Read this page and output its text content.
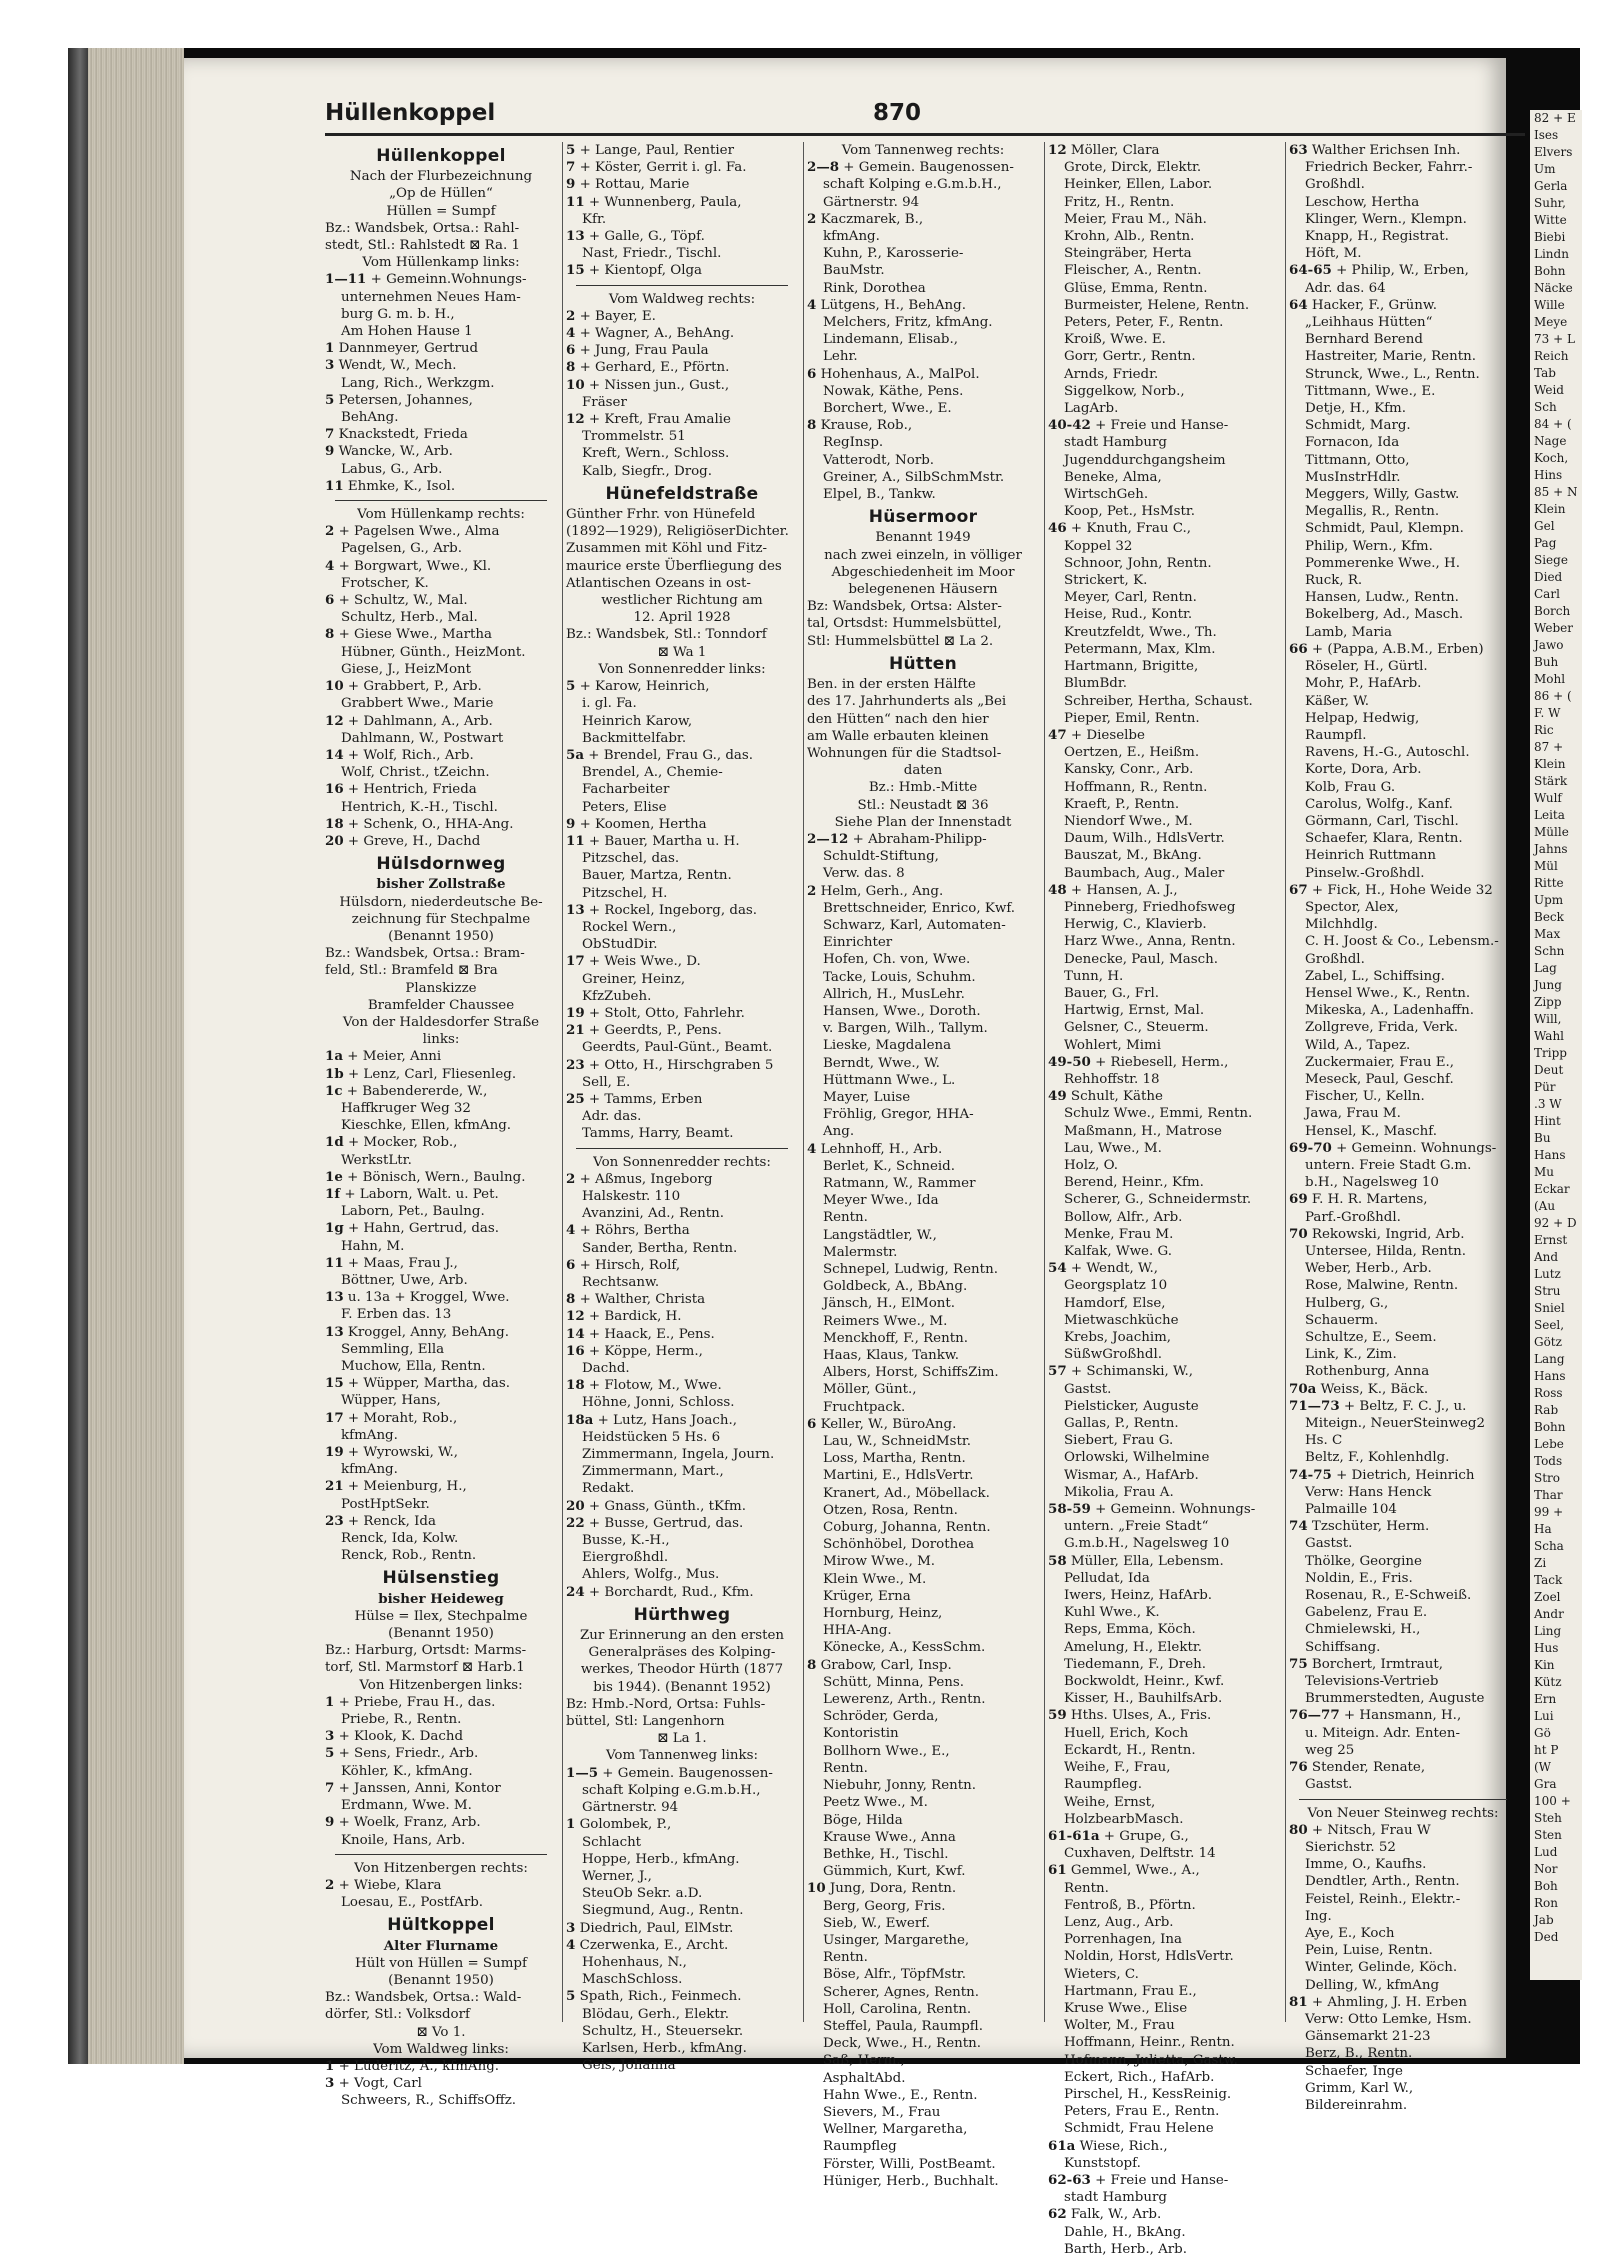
Hüllenkoppel	870
Hüllenkoppel
Nach der Flurbezeichnung
„Op de Hüllen“
Hüllen = Sumpf
Bz.: Wandsbek, Ortsa.: Rahl-
stedt, Stl.: Rahlstedt ⊠ Ra. 1
Vom Hüllenkamp links:
1—11 + Gemeinn.Wohnungs-
unternehmen Neues Ham-
burg G. m. b. H.,
Am Hohen Hause 1
1 Dannmeyer, Gertrud
3 Wendt, W., Mech.
Lang, Rich., Werkzgm.
5 Petersen, Johannes,
BehAng.
7 Knackstedt, Frieda
9 Wancke, W., Arb.
Labus, G., Arb.
11 Ehmke, K., Isol.
Vom Hüllenkamp rechts:
2 + Pagelsen Wwe., Alma
Pagelsen, G., Arb.
4 + Borgwart, Wwe., Kl.
Frotscher, K.
6 + Schultz, W., Mal.
Schultz, Herb., Mal.
8 + Giese Wwe., Martha
Hübner, Günth., HeizMont.
Giese, J., HeizMont
10 + Grabbert, P., Arb.
Grabbert Wwe., Marie
12 + Dahlmann, A., Arb.
Dahlmann, W., Postwart
14 + Wolf, Rich., Arb.
Wolf, Christ., tZeichn.
16 + Hentrich, Frieda
Hentrich, K.-H., Tischl.
18 + Schenk, O., HHA-Ang.
20 + Greve, H., Dachd
Hülsdornweg
bisher Zollstraße
Hülsdorn, niederdeutsche Be-
zeichnung für Stechpalme
(Benannt 1950)
Bz.: Wandsbek, Ortsa.: Bram-
feld, Stl.: Bramfeld ⊠ Bra
Planskizze
Bramfelder Chaussee
Von der Haldesdorfer Straße
links:
1a + Meier, Anni
1b + Lenz, Carl, Fliesenleg.
1c + Babendererde, W.,
Haffkruger Weg 32
Kieschke, Ellen, kfmAng.
1d + Mocker, Rob.,
WerkstLtr.
1e + Bönisch, Wern., Baulng.
1f + Laborn, Walt. u. Pet.
Laborn, Pet., Baulng.
1g + Hahn, Gertrud, das.
Hahn, M.
11 + Maas, Frau J.,
Böttner, Uwe, Arb.
13 u. 13a + Kroggel, Wwe.
F. Erben das. 13
13 Kroggel, Anny, BehAng.
Semmling, Ella
Muchow, Ella, Rentn.
15 + Wüpper, Martha, das.
Wüpper, Hans,
17 + Moraht, Rob.,
kfmAng.
19 + Wyrowski, W.,
kfmAng.
21 + Meienburg, H.,
PostHptSekr.
23 + Renck, Ida
Renck, Ida, Kolw.
Renck, Rob., Rentn.
Hülsenstieg
bisher Heideweg
Hülse = Ilex, Stechpalme
(Benannt 1950)
Bz.: Harburg, Ortsdt: Marms-
torf, Stl. Marmstorf ⊠ Harb.1
Von Hitzenbergen links:
1 + Priebe, Frau H., das.
Priebe, R., Rentn.
3 + Klook, K. Dachd
5 + Sens, Friedr., Arb.
Köhler, K., kfmAng.
7 + Janssen, Anni, Kontor
Erdmann, Wwe. M.
9 + Woelk, Franz, Arb.
Knoile, Hans, Arb.
Von Hitzenbergen rechts:
2 + Wiebe, Klara
Loesau, E., PostfArb.
Hültkoppel
Alter Flurname
Hült von Hüllen = Sumpf
(Benannt 1950)
Bz.: Wandsbek, Ortsa.: Wald-
dörfer, Stl.: Volksdorf
⊠ Vo 1.
Vom Waldweg links:
1 + Lüderitz, A., kfmAng.
3 + Vogt, Carl
Schweers, R., SchiffsOffz.
5 + Lange, Paul, Rentier
7 + Köster, Gerrit i. gl. Fa.
9 + Rottau, Marie
11 + Wunnenberg, Paula,
Kfr.
13 + Galle, G., Töpf.
Nast, Friedr., Tischl.
15 + Kientopf, Olga
Vom Waldweg rechts:
2 + Bayer, E.
4 + Wagner, A., BehAng.
6 + Jung, Frau Paula
8 + Gerhard, E., Pförtn.
10 + Nissen jun., Gust.,
Fräser
12 + Kreft, Frau Amalie
Trommelstr. 51
Kreft, Wern., Schloss.
Kalb, Siegfr., Drog.
Hünefeldstraße
Günther Frhr. von Hünefeld
(1892—1929), ReligiöserDichter.
Zusammen mit Köhl und Fitz-
maurice erste Überfliegung des
Atlantischen Ozeans in ost-
westlicher Richtung am
12. April 1928
Bz.: Wandsbek, Stl.: Tonndorf
⊠ Wa 1
Von Sonnenredder links:
5 + Karow, Heinrich,
i. gl. Fa.
Heinrich Karow,
Backmittelfabr.
5a + Brendel, Frau G., das.
Brendel, A., Chemie-
Facharbeiter
Peters, Elise
9 + Koomen, Hertha
11 + Bauer, Martha u. H.
Pitzschel, das.
Bauer, Martza, Rentn.
Pitzschel, H.
13 + Rockel, Ingeborg, das.
Rockel Wern.,
ObStudDir.
17 + Weis Wwe., D.
Greiner, Heinz,
KfzZubeh.
19 + Stolt, Otto, Fahrlehr.
21 + Geerdts, P., Pens.
Geerdts, Paul-Günt., Beamt.
23 + Otto, H., Hirschgraben 5
Sell, E.
25 + Tamms, Erben
Adr. das.
Tamms, Harry, Beamt.
Von Sonnenredder rechts:
2 + Aßmus, Ingeborg
Halskestr. 110
Avanzini, Ad., Rentn.
4 + Röhrs, Bertha
Sander, Bertha, Rentn.
6 + Hirsch, Rolf,
Rechtsanw.
8 + Walther, Christa
12 + Bardick, H.
14 + Haack, E., Pens.
16 + Köppe, Herm.,
Dachd.
18 + Flotow, M., Wwe.
Höhne, Jonni, Schloss.
18a + Lutz, Hans Joach.,
Heidstücken 5 Hs. 6
Zimmermann, Ingela, Journ.
Zimmermann, Mart.,
Redakt.
20 + Gnass, Günth., tKfm.
22 + Busse, Gertrud, das.
Busse, K.-H.,
Eiergroßhdl.
Ahlers, Wolfg., Mus.
24 + Borchardt, Rud., Kfm.
Hürthweg
Zur Erinnerung an den ersten
Generalpräses des Kolping-
werkes, Theodor Hürth (1877
bis 1944). (Benannt 1952)
Bz: Hmb.-Nord, Ortsa: Fuhls-
büttel, Stl: Langenhorn
⊠ La 1.
Vom Tannenweg links:
1—5 + Gemein. Baugenossen-
schaft Kolping e.G.m.b.H.,
Gärtnerstr. 94
1 Golombek, P.,
Schlacht
Hoppe, Herb., kfmAng.
Werner, J.,
SteuOb Sekr. a.D.
Siegmund, Aug., Rentn.
3 Diedrich, Paul, ElMstr.
4 Czerwenka, E., Archt.
Hohenhaus, N.,
MaschSchloss.
5 Spath, Rich., Feinmech.
Blödau, Gerh., Elektr.
Schultz, H., Steuersekr.
Karlsen, Herb., kfmAng.
Geis, Johanna
Vom Tannenweg rechts:
2—8 + Gemein. Baugenossen-
schaft Kolping e.G.m.b.H.,
Gärtnerstr. 94
2 Kaczmarek, B.,
kfmAng.
Kuhn, P., Karosserie-
BauMstr.
Rink, Dorothea
4 Lütgens, H., BehAng.
Melchers, Fritz, kfmAng.
Lindemann, Elisab.,
Lehr.
6 Hohenhaus, A., MalPol.
Nowak, Käthe, Pens.
Borchert, Wwe., E.
8 Krause, Rob.,
RegInsp.
Vatterodt, Norb.
Greiner, A., SilbSchmMstr.
Elpel, B., Tankw.
Hüsermoor
Benannt 1949
nach zwei einzeln, in völliger
Abgeschiedenheit im Moor
belegenenen Häusern
Bz: Wandsbek, Ortsa: Alster-
tal, Ortsdst: Hummelsbüttel,
Stl: Hummelsbüttel ⊠ La 2.
Hütten
Ben. in der ersten Hälfte
des 17. Jahrhunderts als „Bei
den Hütten“ nach den hier
am Walle erbauten kleinen
Wohnungen für die Stadtsol-
daten
Bz.: Hmb.-Mitte
Stl.: Neustadt ⊠ 36
Siehe Plan der Innenstadt
2—12 + Abraham-Philipp-
Schuldt-Stiftung,
Verw. das. 8
2 Helm, Gerh., Ang.
Brettschneider, Enrico, Kwf.
Schwarz, Karl, Automaten-
Einrichter
Hofen, Ch. von, Wwe.
Tacke, Louis, Schuhm.
Allrich, H., MusLehr.
Hansen, Wwe., Doroth.
v. Bargen, Wilh., Tallym.
Lieske, Magdalena
Berndt, Wwe., W.
Hüttmann Wwe., L.
Mayer, Luise
Fröhlig, Gregor, HHA-
Ang.
4 Lehnhoff, H., Arb.
Berlet, K., Schneid.
Ratmann, W., Rammer
Meyer Wwe., Ida
Rentn.
Langstädtler, W.,
Malermstr.
Schnepel, Ludwig, Rentn.
Goldbeck, A., BbAng.
Jänsch, H., ElMont.
Reimers Wwe., M.
Menckhoff, F., Rentn.
Haas, Klaus, Tankw.
Albers, Horst, SchiffsZim.
Möller, Günt.,
Fruchtpack.
6 Keller, W., BüroAng.
Lau, W., SchneidMstr.
Loss, Martha, Rentn.
Martini, E., HdlsVertr.
Kranert, Ad., Möbellack.
Otzen, Rosa, Rentn.
Coburg, Johanna, Rentn.
Schönhöbel, Dorothea
Mirow Wwe., M.
Klein Wwe., M.
Krüger, Erna
Hornburg, Heinz,
HHA-Ang.
Könecke, A., KessSchm.
8 Grabow, Carl, Insp.
Schütt, Minna, Pens.
Lewerenz, Arth., Rentn.
Schröder, Gerda,
Kontoristin
Bollhorn Wwe., E.,
Rentn.
Niebuhr, Jonny, Rentn.
Peetz Wwe., M.
Böge, Hilda
Krause Wwe., Anna
Bethke, H., Tischl.
Gümmich, Kurt, Kwf.
10 Jung, Dora, Rentn.
Berg, Georg, Fris.
Sieb, W., Ewerf.
Usinger, Margarethe,
Rentn.
Böse, Alfr., TöpfMstr.
Scherer, Agnes, Rentn.
Holl, Carolina, Rentn.
Steffel, Paula, Raumpfl.
Deck, Wwe., H., Rentn.
Saß, Herm.,
AsphaltAbd.
Hahn Wwe., E., Rentn.
Sievers, M., Frau
Wellner, Margaretha,
Raumpfleg
Förster, Willi, PostBeamt.
Hüniger, Herb., Buchhalt.
12 Möller, Clara
Grote, Dirck, Elektr.
Heinker, Ellen, Labor.
Fritz, H., Rentn.
Meier, Frau M., Näh.
Krohn, Alb., Rentn.
Steingräber, Herta
Fleischer, A., Rentn.
Glüse, Emma, Rentn.
Burmeister, Helene, Rentn.
Peters, Peter, F., Rentn.
Kroiß, Wwe. E.
Gorr, Gertr., Rentn.
Arnds, Friedr.
Siggelkow, Norb.,
LagArb.
40-42 + Freie und Hanse-
stadt Hamburg
Jugenddurchgangsheim
Beneke, Alma,
WirtschGeh.
Koop, Pet., HsMstr.
46 + Knuth, Frau C.,
Koppel 32
Schnoor, John, Rentn.
Strickert, K.
Meyer, Carl, Rentn.
Heise, Rud., Kontr.
Kreutzfeldt, Wwe., Th.
Petermann, Max, Klm.
Hartmann, Brigitte,
BlumBdr.
Schreiber, Hertha, Schaust.
Pieper, Emil, Rentn.
47 + Dieselbe
Oertzen, E., Heißm.
Kansky, Conr., Arb.
Hoffmann, R., Rentn.
Kraeft, P., Rentn.
Niendorf Wwe., M.
Daum, Wilh., HdlsVertr.
Bauszat, M., BkAng.
Baumbach, Aug., Maler
48 + Hansen, A. J.,
Pinneberg, Friedhofsweg
Herwig, C., Klavierb.
Harz Wwe., Anna, Rentn.
Denecke, Paul, Masch.
Tunn, H.
Bauer, G., Frl.
Hartwig, Ernst, Mal.
Gelsner, C., Steuerm.
Wohlert, Mimi
49-50 + Riebesell, Herm.,
Rehhoffstr. 18
49 Schult, Käthe
Schulz Wwe., Emmi, Rentn.
Maßmann, H., Matrose
Lau, Wwe., M.
Holz, O.
Berend, Heinr., Kfm.
Scherer, G., Schneidermstr.
Bollow, Alfr., Arb.
Menke, Frau M.
Kalfak, Wwe. G.
54 + Wendt, W.,
Georgsplatz 10
Hamdorf, Else,
Mietwaschküche
Krebs, Joachim,
SüßwGroßhdl.
57 + Schimanski, W.,
Gastst.
Pielsticker, Auguste
Gallas, P., Rentn.
Siebert, Frau G.
Orlowski, Wilhelmine
Wismar, A., HafArb.
Mikolia, Frau A.
58-59 + Gemeinn. Wohnungs-
untern. „Freie Stadt“
G.m.b.H., Nagelsweg 10
58 Müller, Ella, Lebensm.
Pelludat, Ida
Iwers, Heinz, HafArb.
Kuhl Wwe., K.
Reps, Emma, Köch.
Amelung, H., Elektr.
Tiedemann, F., Dreh.
Bockwoldt, Heinr., Kwf.
Kisser, H., BauhilfsArb.
59 Hths. Ulses, A., Fris.
Huell, Erich, Koch
Eckardt, H., Rentn.
Weihe, F., Frau,
Raumpfleg.
Weihe, Ernst,
HolzbearbMasch.
61-61a + Grupe, G.,
Cuxhaven, Delftstr. 14
61 Gemmel, Wwe., A.,
Rentn.
Fentroß, B., Pförtn.
Lenz, Aug., Arb.
Porrenhagen, Ina
Noldin, Horst, HdlsVertr.
Wieters, C.
Hartmann, Frau E.,
Kruse Wwe., Elise
Wolter, M., Frau
Hoffmann, Heinr., Rentn.
Hofmann, Julietta, Gastw.
Eckert, Rich., HafArb.
Pirschel, H., KessReinig.
Peters, Frau E., Rentn.
Schmidt, Frau Helene
61a Wiese, Rich.,
Kunststopf.
62-63 + Freie und Hanse-
stadt Hamburg
62 Falk, W., Arb.
Dahle, H., BkAng.
Barth, Herb., Arb.
63 Walther Erichsen Inh.
Friedrich Becker, Fahrr.-
Großhdl.
Leschow, Hertha
Klinger, Wern., Klempn.
Knapp, H., Registrat.
Höft, M.
64-65 + Philip, W., Erben,
Adr. das. 64
64 Hacker, F., Grünw.
„Leihhaus Hütten“
Bernhard Berend
Hastreiter, Marie, Rentn.
Strunck, Wwe., L., Rentn.
Tittmann, Wwe., E.
Detje, H., Kfm.
Schmidt, Marg.
Fornacon, Ida
Tittmann, Otto,
MusInstrHdlr.
Meggers, Willy, Gastw.
Megallis, R., Rentn.
Schmidt, Paul, Klempn.
Philip, Wern., Kfm.
Pommerenke Wwe., H.
Ruck, R.
Hansen, Ludw., Rentn.
Bokelberg, Ad., Masch.
Lamb, Maria
66 + (Pappa, A.B.M., Erben)
Röseler, H., Gürtl.
Mohr, P., HafArb.
Käßer, W.
Helpap, Hedwig,
Raumpfl.
Ravens, H.-G., Autoschl.
Korte, Dora, Arb.
Kolb, Frau G.
Carolus, Wolfg., Kanf.
Görmann, Carl, Tischl.
Schaefer, Klara, Rentn.
Heinrich Ruttmann
Pinselw.-Großhdl.
67 + Fick, H., Hohe Weide 32
Spector, Alex,
Milchhdlg.
C. H. Joost & Co., Lebensm.-
Großhdl.
Zabel, L., Schiffsing.
Hensel Wwe., K., Rentn.
Mikeska, A., Ladenhaffn.
Zollgreve, Frida, Verk.
Wild, A., Tapez.
Zuckermaier, Frau E.,
Meseck, Paul, Geschf.
Fischer, U., Kelln.
Jawa, Frau M.
Hensel, K., Maschf.
69-70 + Gemeinn. Wohnungs-
untern. Freie Stadt G.m.
b.H., Nagelsweg 10
69 F. H. R. Martens,
Parf.-Großhdl.
70 Rekowski, Ingrid, Arb.
Untersee, Hilda, Rentn.
Weber, Herb., Arb.
Rose, Malwine, Rentn.
Hulberg, G.,
Schauerm.
Schultze, E., Seem.
Link, K., Zim.
Rothenburg, Anna
70a Weiss, K., Bäck.
71—73 + Beltz, F. C. J., u.
Miteign., NeuerSteinweg2
Hs. C
Beltz, F., Kohlenhdlg.
74-75 + Dietrich, Heinrich
Verw: Hans Henck
Palmaille 104
74 Tzschüter, Herm.
Gastst.
Thölke, Georgine
Noldin, E., Fris.
Rosenau, R., E-Schweiß.
Gabelenz, Frau E.
Chmielewski, H.,
Schiffsang.
75 Borchert, Irmtraut,
Televisions-Vertrieb
Brummerstedten, Auguste
76—77 + Hansmann, H.,
u. Miteign. Adr. Enten-
weg 25
76 Stender, Renate,
Gastst.
Von Neuer Steinweg rechts:
80 + Nitsch, Frau W
Sierichstr. 52
Imme, O., Kaufhs.
Dendtler, Arth., Rentn.
Feistel, Reinh., Elektr.-
Ing.
Aye, E., Koch
Pein, Luise, Rentn.
Winter, Gelinde, Köch.
Delling, W., kfmAng
81 + Ahmling, J. H. Erben
Verw: Otto Lemke, Hsm.
Gänsemarkt 21-23
Berz, B., Rentn.
Schaefer, Inge
Grimm, Karl W.,
Bildereinrahm.
82 + E
Ises
Elvers
Um
Gerla
Suhr,
Witte
Biebi
Lindn
Bohn
Näcke
Wille
Meye
73 + L
Reich
Tab
Weid
Sch
84 + (
Nage
Koch,
Hins
85 + N
Klein
Gel
Pag
Siege
Died
Carl
Borch
Weber
Jawo
Buh
Mohl
86 + (
F. W
Ric
87 +
Klein
Stärk
Wulf
Leita
Mülle
Jahns
Mül
Ritte
Upm
Beck
Max
Schn
Lag
Jung
Zipp
Will,
Wahl
Tripp
Deut
Pür
.3 W
Hint
Bu
Hans
Mu
Eckar
(Au
92 + D
Ernst
And
Lutz
Stru
Sniel
Seel,
Götz
Lang
Hans
Ross
Rab
Bohn
Lebe
Tods
Stro
Thar
99 +
Ha
Scha
Zi
Tack
Zoel
Andr
Ling
Hus
Kin
Kütz
Ern
Lui
Gö
ht P
(W
Gra
100 +
Steh
Sten
Lud
Nor
Boh
Ron
Jab
Ded
